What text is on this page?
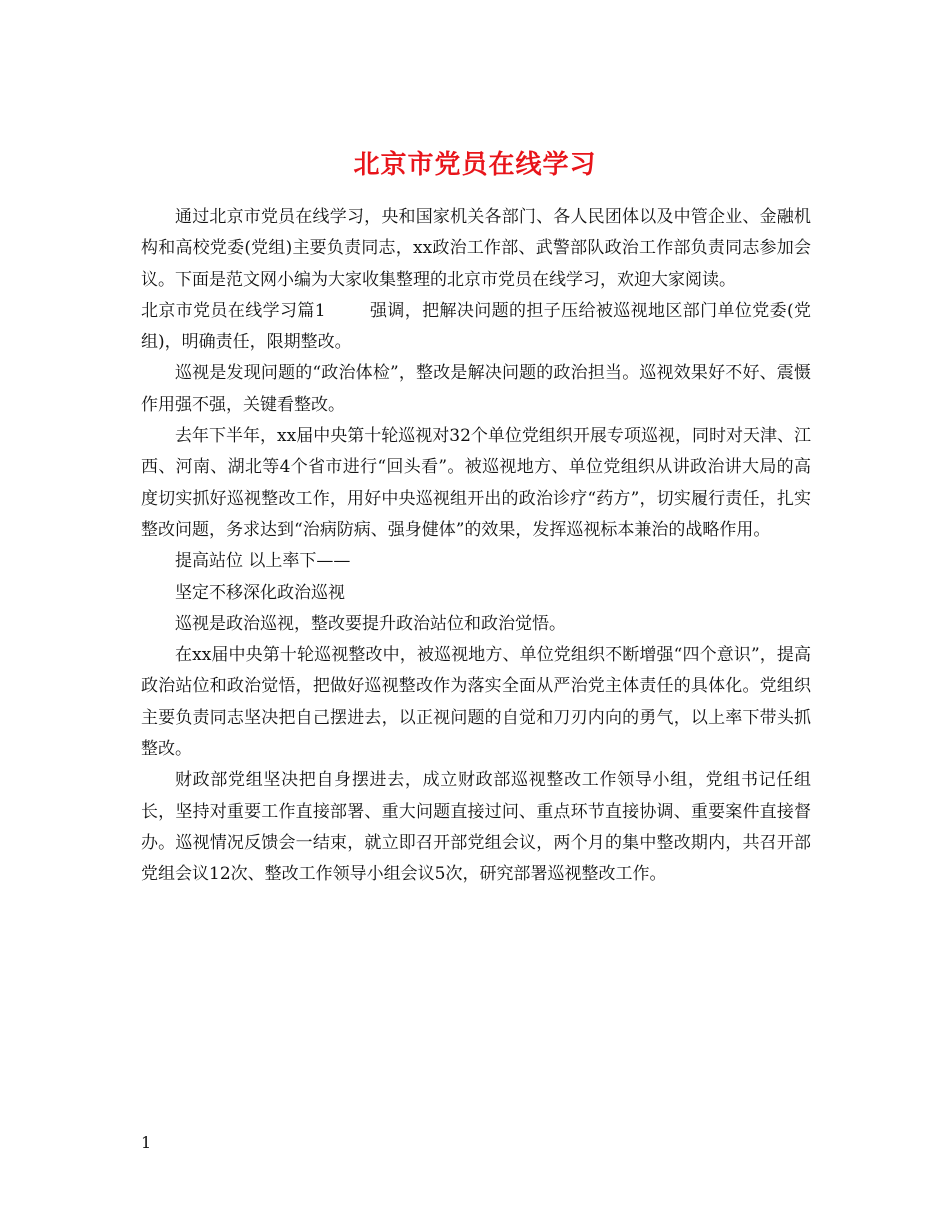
北京市党员在线学习

通过北京市党员在线学习，央和国家机关各部门、各人民团体以及中管企业、金融机构和高校党委(党组)主要负责同志，xx政治工作部、武警部队政治工作部负责同志参加会议。下面是范文网小编为大家收集整理的北京市党员在线学习，欢迎大家阅读。

北京市党员在线学习篇1	强调，把解决问题的担子压给被巡视地区部门单位党委(党组)，明确责任，限期整改。

巡视是发现问题的“政治体检”，整改是解决问题的政治担当。巡视效果好不好、震慑作用强不强，关键看整改。

去年下半年，xx届中央第十轮巡视对32个单位党组织开展专项巡视，同时对天津、江西、河南、湖北等4个省市进行“回头看”。被巡视地方、单位党组织从讲政治讲大局的高度切实抓好巡视整改工作，用好中央巡视组开出的政治诊疗“药方”，切实履行责任，扎实整改问题，务求达到“治病防病、强身健体”的效果，发挥巡视标本兼治的战略作用。

提高站位 以上率下——

坚定不移深化政治巡视

巡视是政治巡视，整改要提升政治站位和政治觉悟。

在xx届中央第十轮巡视整改中，被巡视地方、单位党组织不断增强“四个意识”，提高政治站位和政治觉悟，把做好巡视整改作为落实全面从严治党主体责任的具体化。党组织主要负责同志坚决把自己摆进去，以正视问题的自觉和刀刃内向的勇气，以上率下带头抓整改。

财政部党组坚决把自身摆进去，成立财政部巡视整改工作领导小组，党组书记任组长，坚持对重要工作直接部署、重大问题直接过问、重点环节直接协调、重要案件直接督办。巡视情况反馈会一结束，就立即召开部党组会议，两个月的集中整改期内，共召开部党组会议12次、整改工作领导小组会议5次，研究部署巡视整改工作。

1
